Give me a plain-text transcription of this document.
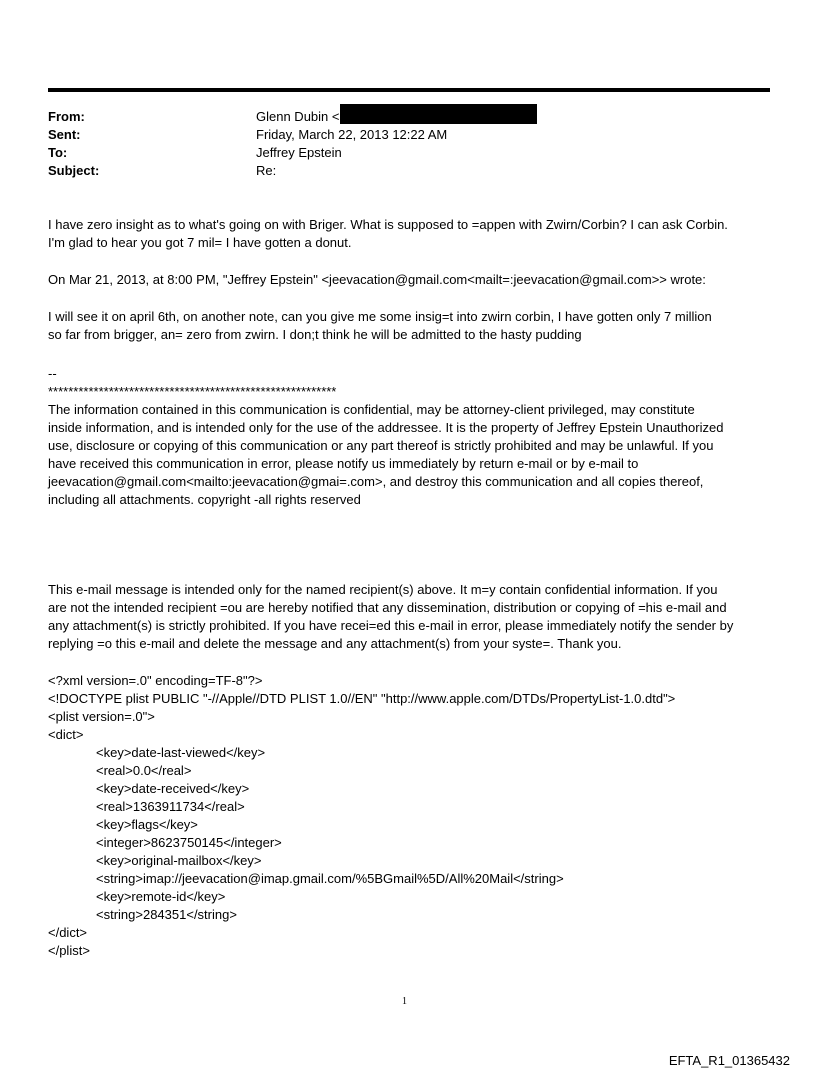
From:	Glenn Dubin <
Sent:	Friday, March 22, 2013 12:22 AM
To:	Jeffrey Epstein
Subject:	Re:

I have zero insight as to what's going on with Briger. What is supposed to =appen with Zwirn/Corbin? I can ask Corbin.

I'm glad to hear you got 7 mil= I have gotten a donut.

On Mar 21, 2013, at 8:00 PM, "Jeffrey Epstein" <jeevacation@gmail.com<mailt=:jeevacation@gmail.com>> wrote:

I will see it on april 6th, on another note, can you give me some insig=t into zwirn corbin, I have gotten only 7 million

so far from brigger, an= zero from zwirn. I don;t think he will be admitted to the hasty pudding

--

*********************************************************

The information contained in this communication is confidential, may be attorney-client privileged, may constitute

inside information, and is intended only for the use of the addressee. It is the property of Jeffrey Epstein Unauthorized

use, disclosure or copying of this communication or any part thereof is strictly prohibited and may be unlawful. If you

have received this communication in error, please notify us immediately by return e-mail or by e-mail to

jeevacation@gmail.com<mailto:jeevacation@gmai=.com>, and destroy this communication and all copies thereof,

including all attachments. copyright -all rights reserved

This e-mail message is intended only for the named recipient(s) above. It m=y contain confidential information. If you

are not the intended recipient =ou are hereby notified that any dissemination, distribution or copying of =his e-mail and

any attachment(s) is strictly prohibited. If you have recei=ed this e-mail in error, please immediately notify the sender by

replying =o this e-mail and delete the message and any attachment(s) from your syste=. Thank you.

<?xml version=.0" encoding=TF-8"?>

<!DOCTYPE plist PUBLIC "-//Apple//DTD PLIST 1.0//EN" "http://www.apple.com/DTDs/PropertyList-1.0.dtd">

<plist version=.0">

<dict>

<key>date-last-viewed</key>

<real>0.0</real>

<key>date-received</key>

<real>1363911734</real>

<key>flags</key>

<integer>8623750145</integer>

<key>original-mailbox</key>

<string>imap://jeevacation@imap.gmail.com/%5BGmail%5D/All%20Mail</string>

<key>remote-id</key>

<string>284351</string>

</dict>

</plist>

1
EFTA_R1_01365432
